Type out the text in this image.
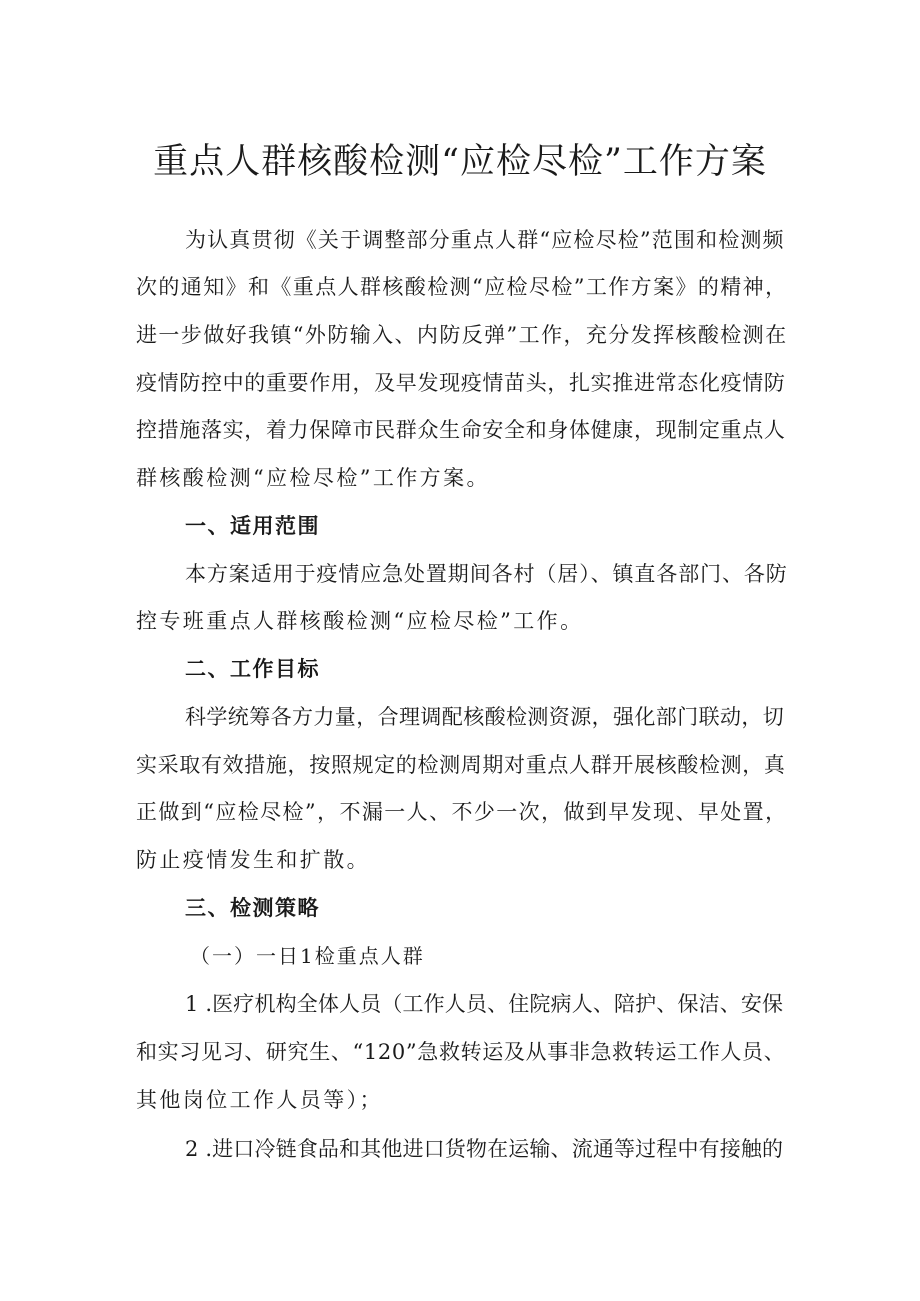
重点人群核酸检测“应检尽检”工作方案
为认真贯彻《关于调整部分重点人群“应检尽检”范围和检测频
次的通知》和《重点人群核酸检测“应检尽检”工作方案》的精神，
进一步做好我镇“外防输入、内防反弹”工作，充分发挥核酸检测在
疫情防控中的重要作用，及早发现疫情苗头，扎实推进常态化疫情防
控措施落实，着力保障市民群众生命安全和身体健康，现制定重点人
群核酸检测“应检尽检”工作方案。
一、适用范围
本方案适用于疫情应急处置期间各村（居）、镇直各部门、各防
控专班重点人群核酸检测“应检尽检”工作。
二、工作目标
科学统筹各方力量，合理调配核酸检测资源，强化部门联动，切
实采取有效措施，按照规定的检测周期对重点人群开展核酸检测，真
正做到“应检尽检”，不漏一人、不少一次，做到早发现、早处置，
防止疫情发生和扩散。
三、检测策略
（一）一日1检重点人群
1 .医疗机构全体人员（工作人员、住院病人、陪护、保洁、安保
和实习见习、研究生、“120”急救转运及从事非急救转运工作人员、
其他岗位工作人员等）；
2 .进口冷链食品和其他进口货物在运输、流通等过程中有接触的
